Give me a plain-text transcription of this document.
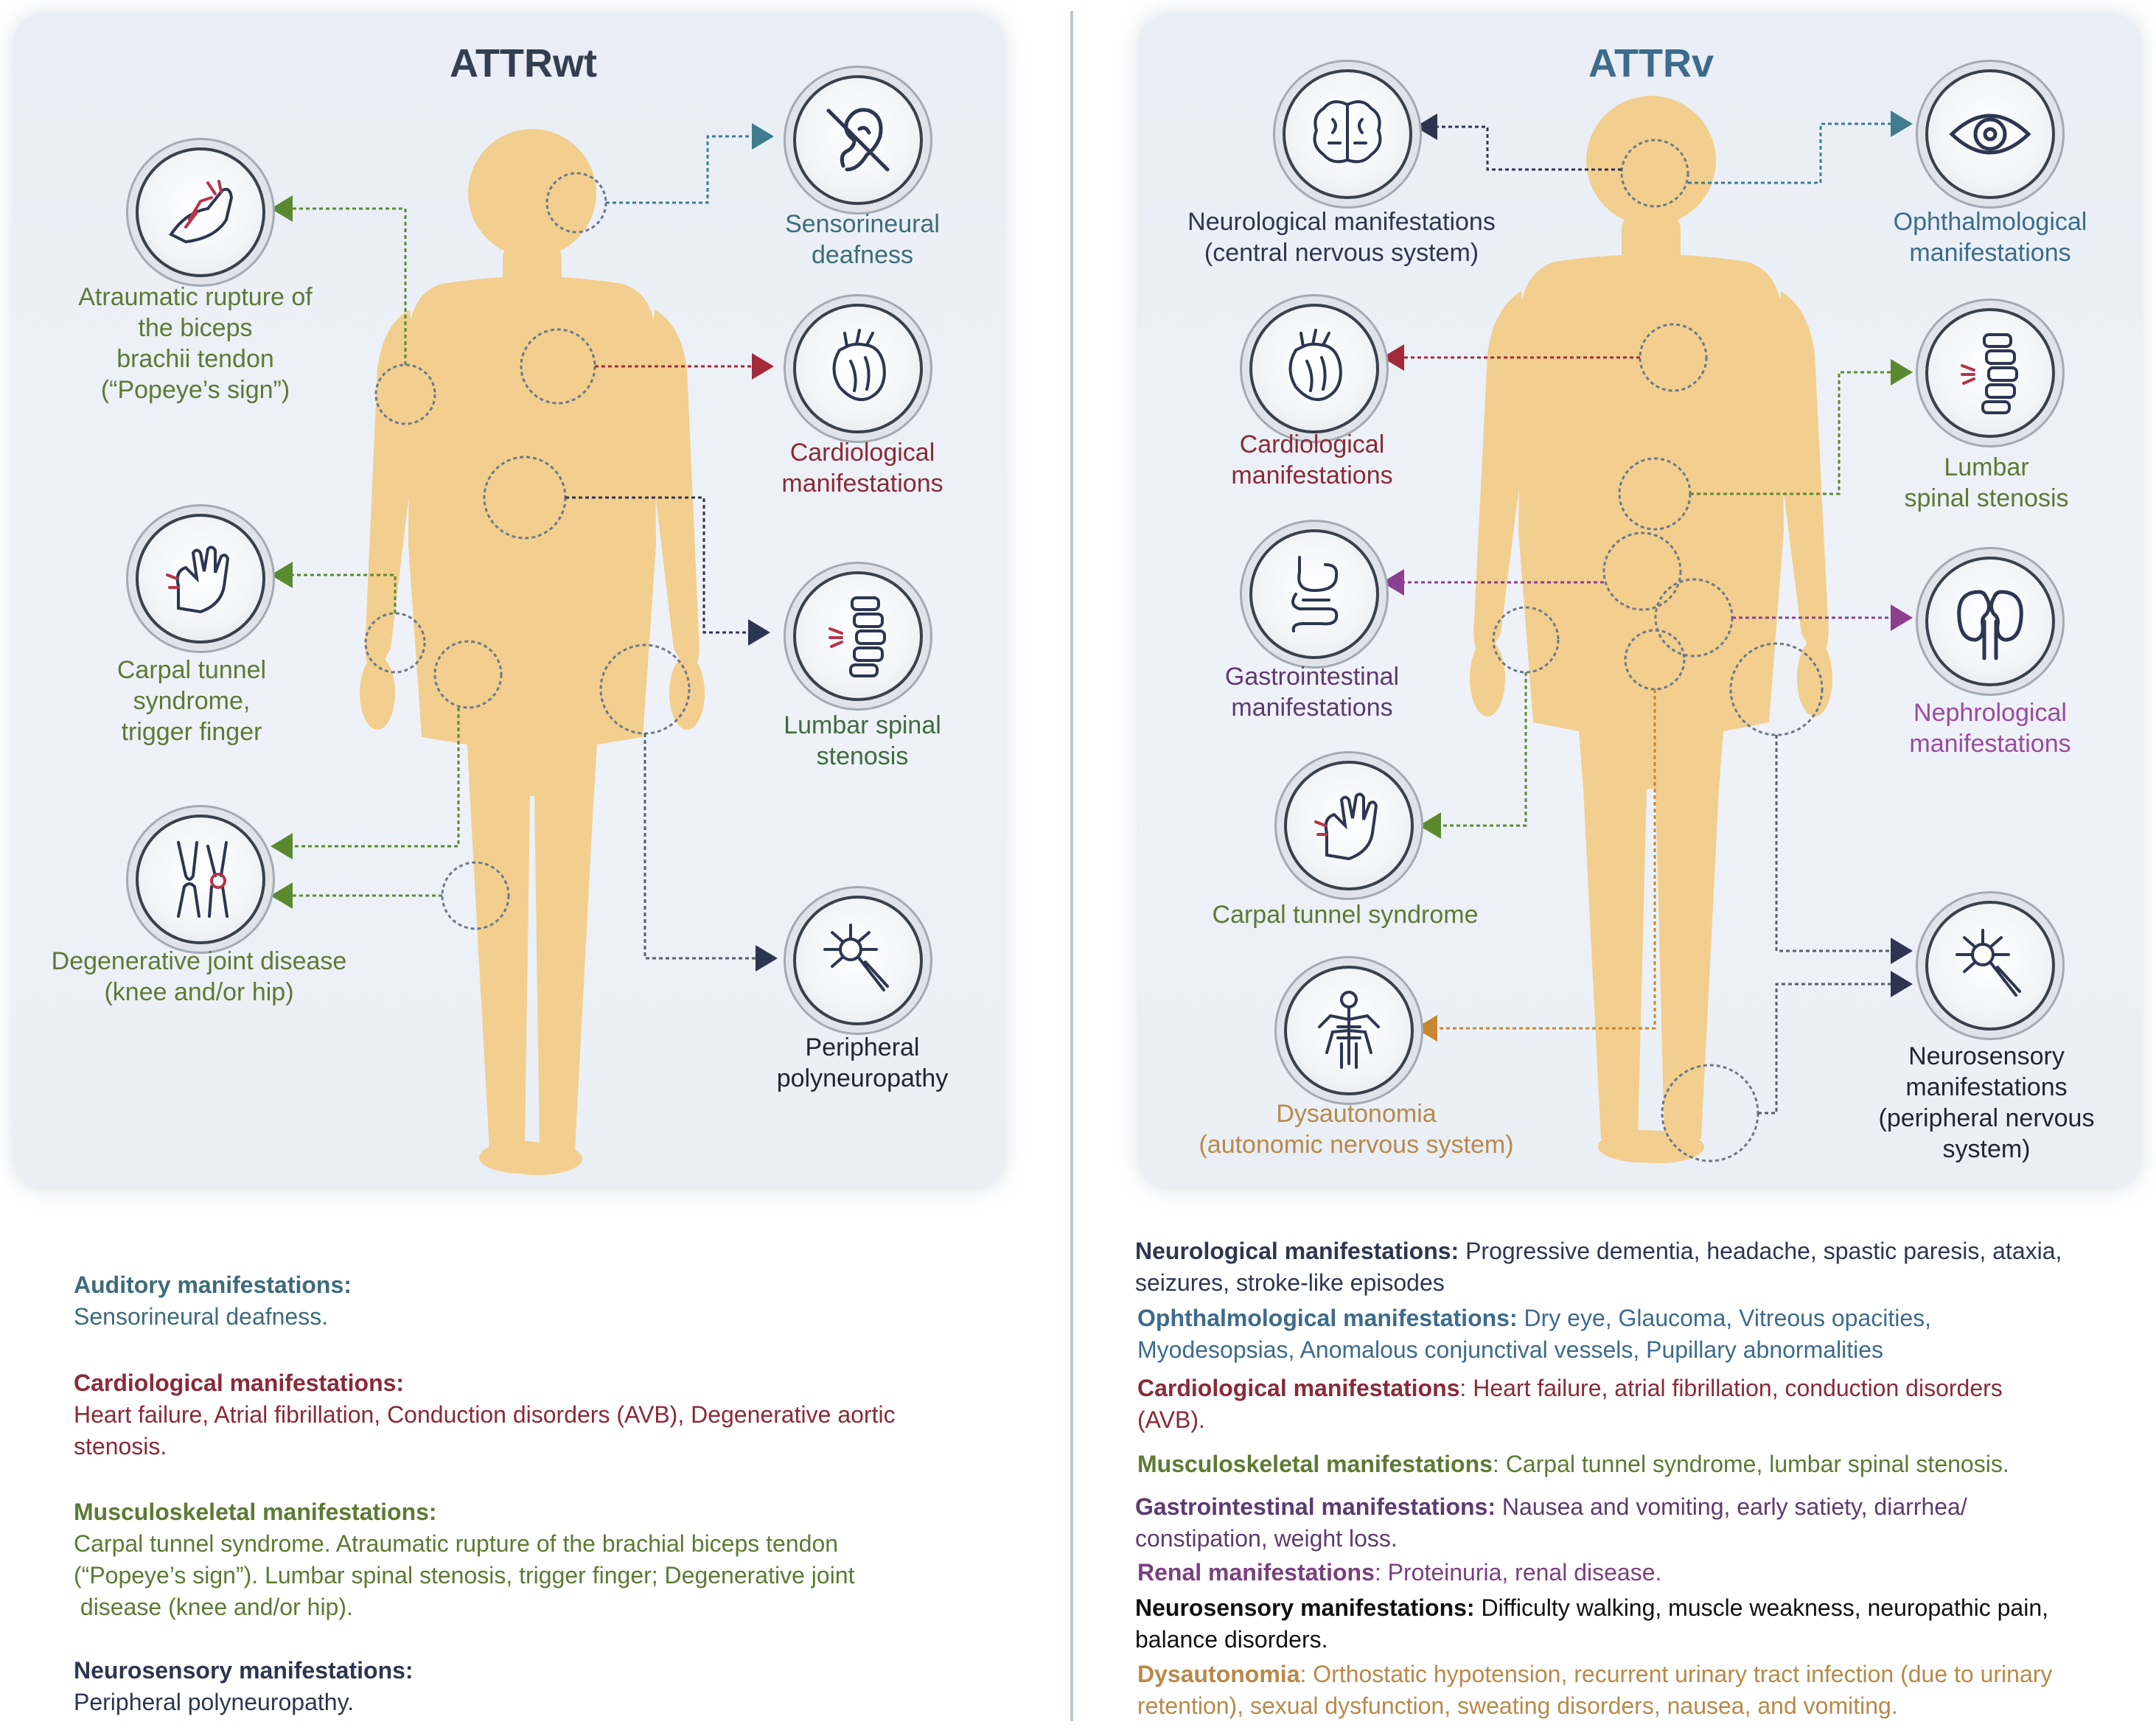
ATTRwt	ATTRv
Atraumatic rupture of
the biceps
brachii tendon
(“Popeye’s sign”)
Carpal tunnel
syndrome,
trigger finger
Degenerative joint disease
(knee and/or hip)
Sensorineural
deafness
Cardiological
manifestations
Lumbar spinal
stenosis
Peripheral
polyneuropathy
Neurological manifestations
(central nervous system)
Cardiological
manifestations
Gastrointestinal
manifestations
Carpal tunnel syndrome
Dysautonomia
(autonomic nervous system)
Ophthalmological
manifestations
Lumbar
spinal stenosis
Nephrological
manifestations
Neurosensory
manifestations
(peripheral nervous
system)
Auditory manifestations:
Sensorineural deafness.
Cardiological manifestations:
Heart failure, Atrial fibrillation, Conduction disorders (AVB), Degenerative aortic
stenosis.
Musculoskeletal manifestations:
Carpal tunnel syndrome. Atraumatic rupture of the brachial biceps tendon
(“Popeye’s sign”). Lumbar spinal stenosis, trigger finger; Degenerative joint
disease (knee and/or hip).
Neurosensory manifestations:
Peripheral polyneuropathy.
Neurological manifestations: Progressive dementia, headache, spastic paresis, ataxia,
seizures, stroke-like episodes
Ophthalmological manifestations: Dry eye, Glaucoma, Vitreous opacities,
Myodesopsias, Anomalous conjunctival vessels, Pupillary abnormalities
Cardiological manifestations: Heart failure, atrial fibrillation, conduction disorders
(AVB).
Musculoskeletal manifestations: Carpal tunnel syndrome, lumbar spinal stenosis.
Gastrointestinal manifestations: Nausea and vomiting, early satiety, diarrhea/
constipation, weight loss.
Renal manifestations: Proteinuria, renal disease.
Neurosensory manifestations: Difficulty walking, muscle weakness, neuropathic pain,
balance disorders.
Dysautonomia: Orthostatic hypotension, recurrent urinary tract infection (due to urinary
retention), sexual dysfunction, sweating disorders, nausea, and vomiting.
